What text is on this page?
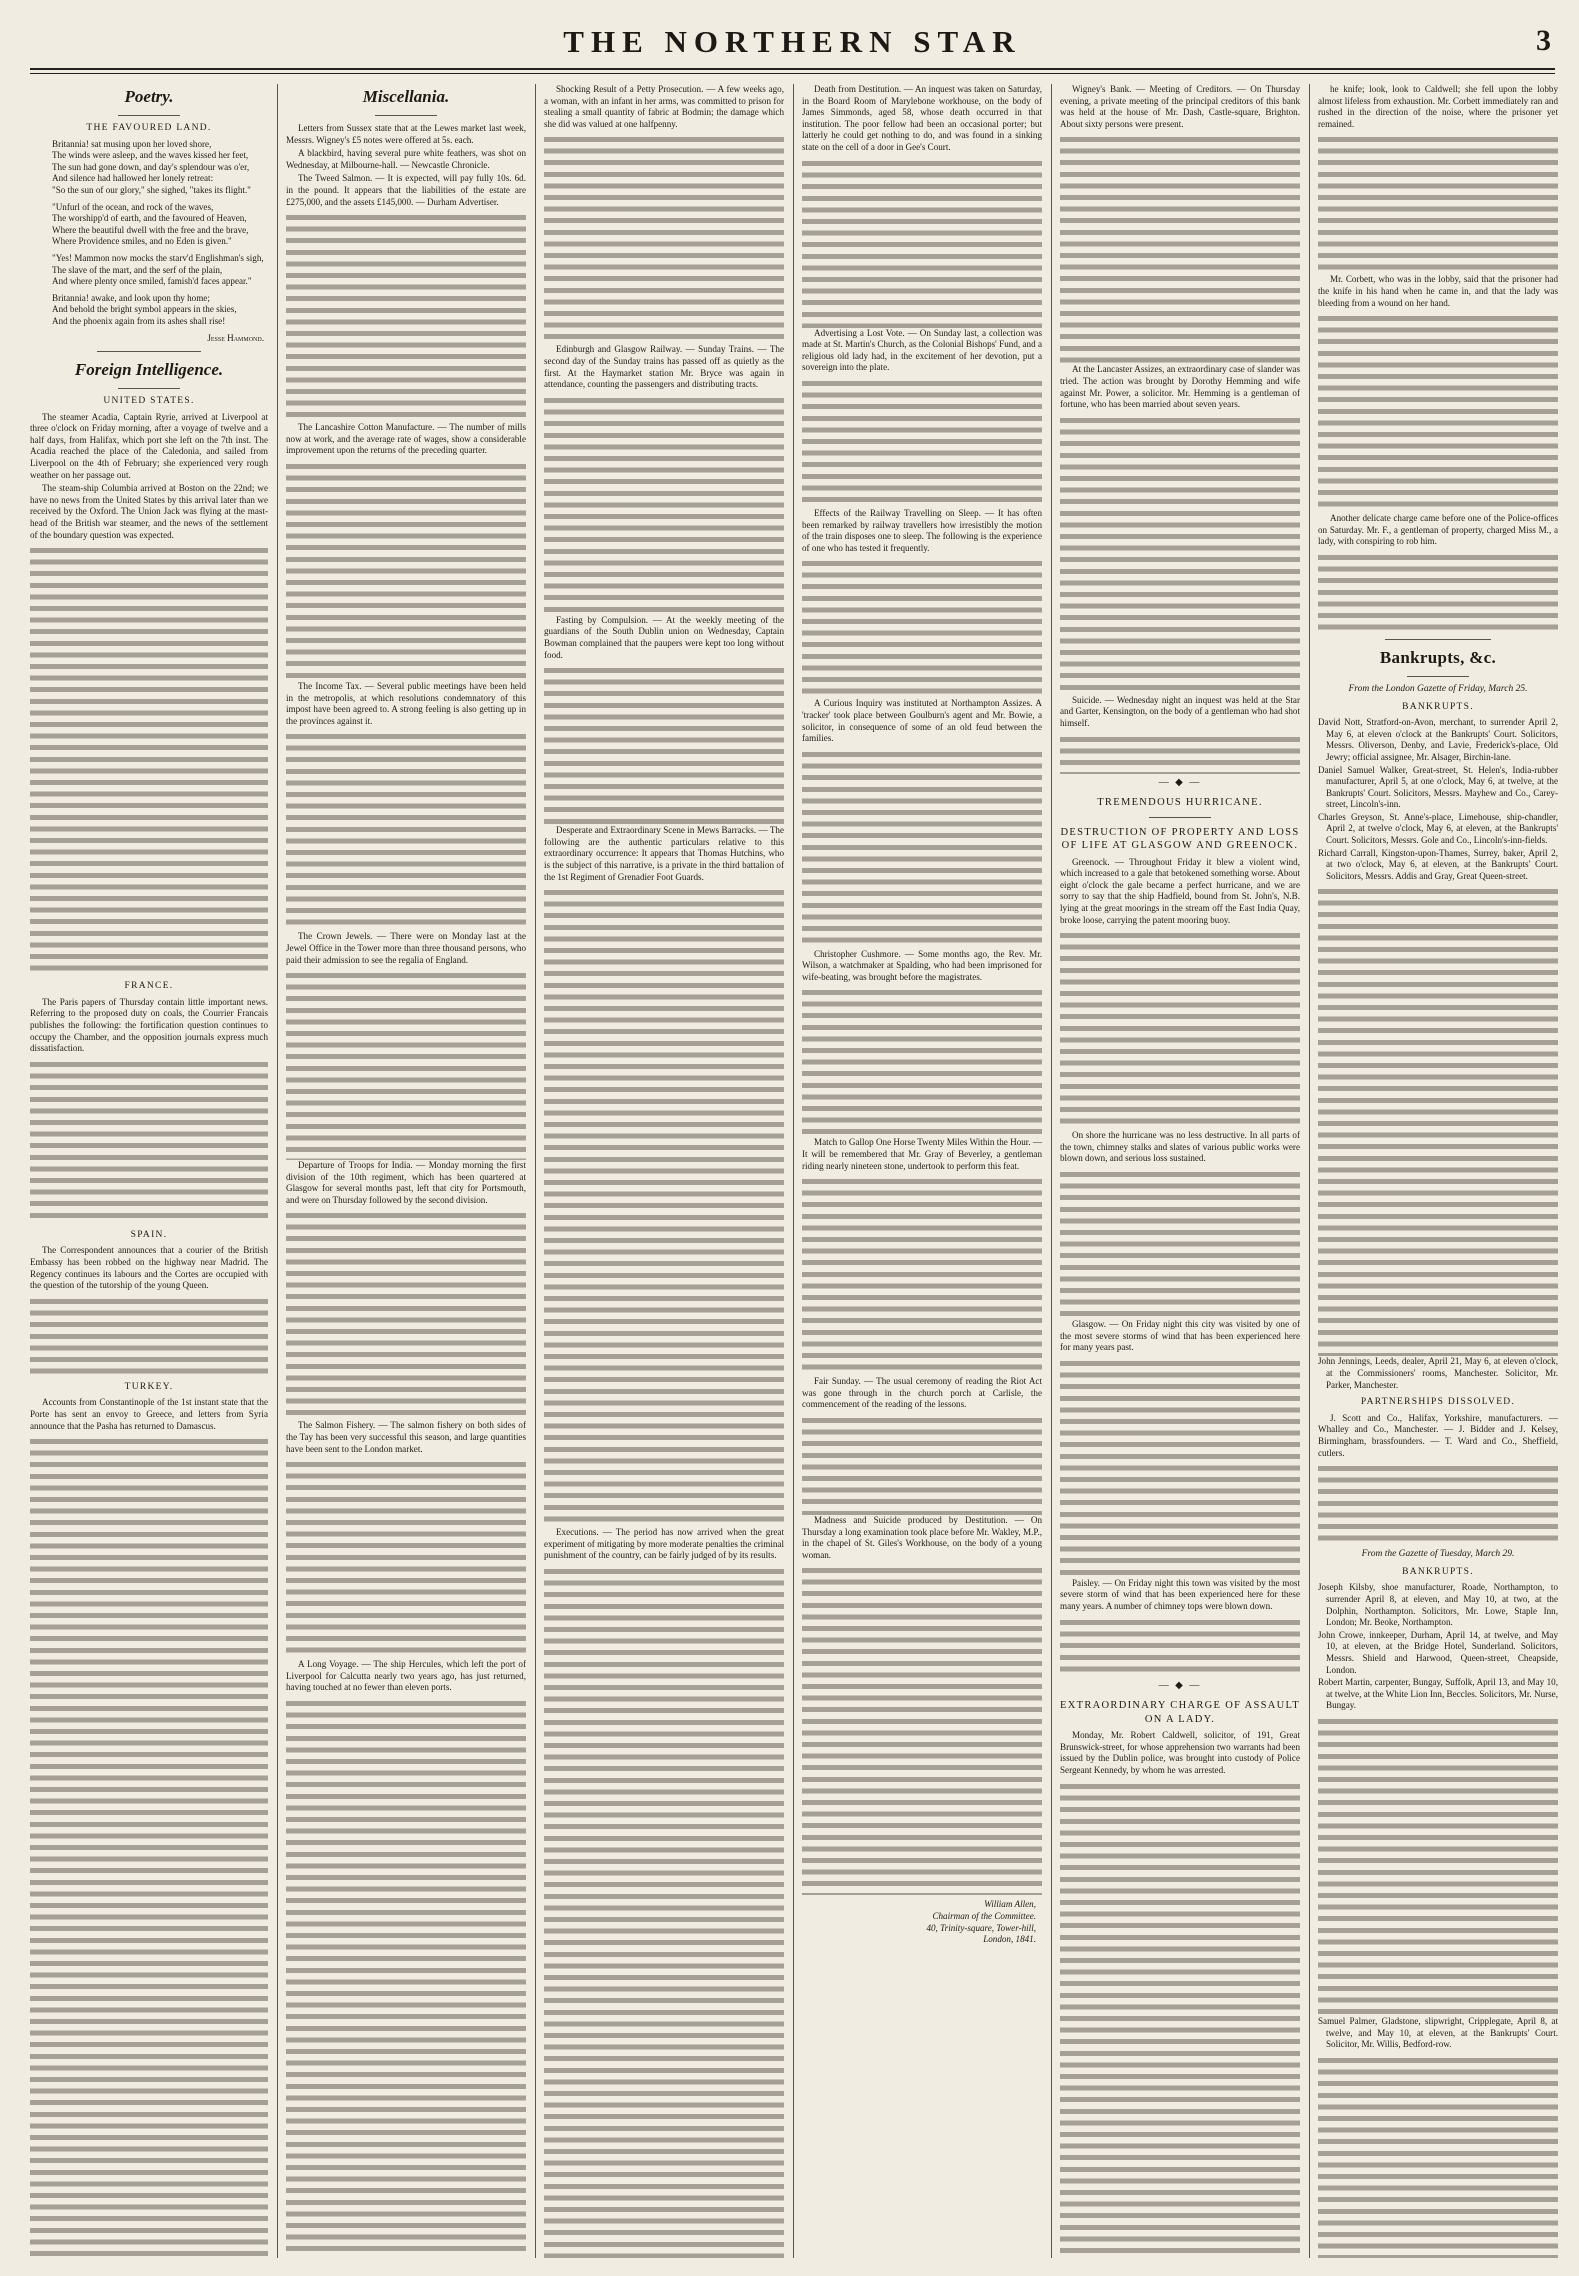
THE NORTHERN STAR	3
Poetry.
THE FAVOURED LAND.
Britannia! sat musing upon her loved shore,
The winds were asleep, and the waves kissed her feet,
The sun had gone down, and day's splendour was o'er,
And silence had hallowed her lonely retreat:
"So the sun of our glory," she sighed, "takes its flight."
"Unfurl of the ocean, and rock of the waves,
The worshipp'd of earth, and the favoured of Heaven,
Where the beautiful dwell with the free and the brave,
Where Providence smiles, and no Eden is given."
"Yes! Mammon now mocks the starv'd Englishman's sigh,
The slave of the mart, and the serf of the plain,
And where plenty once smiled, famish'd faces appear."
Britannia! awake, and look upon thy home;
And behold the bright symbol appears in the skies,
And the phoenix again from its ashes shall rise!
Jesse Hammond.
Foreign Intelligence.
UNITED STATES.
The steamer Acadia, Captain Ryrie, arrived at Liverpool at three o'clock on Friday morning, after a voyage of twelve and a half days, from Halifax, which port she left on the 7th inst. The Acadia reached the place of the Caledonia, and sailed from Liverpool on the 4th of February; she experienced very rough weather on her passage out.
The steam-ship Columbia arrived at Boston on the 22nd; we have no news from the United States by this arrival later than we received by the Oxford. The Union Jack was flying at the mast-head of the British war steamer, and the news of the settlement of the boundary question was expected.
FRANCE.
The Paris papers of Thursday contain little important news. Referring to the proposed duty on coals, the Courrier Francais publishes the following: the fortification question continues to occupy the Chamber, and the opposition journals express much dissatisfaction.
SPAIN.
The Correspondent announces that a courier of the British Embassy has been robbed on the highway near Madrid. The Regency continues its labours and the Cortes are occupied with the question of the tutorship of the young Queen.
TURKEY.
Accounts from Constantinople of the 1st instant state that the Porte has sent an envoy to Greece, and letters from Syria announce that the Pasha has returned to Damascus.
Miscellania.
Letters from Sussex state that at the Lewes market last week, Messrs. Wigney's £5 notes were offered at 5s. each.
A blackbird, having several pure white feathers, was shot on Wednesday, at Milbourne-hall. — Newcastle Chronicle.
The Tweed Salmon. — It is expected, will pay fully 10s. 6d. in the pound. It appears that the liabilities of the estate are £275,000, and the assets £145,000. — Durham Advertiser.
The Lancashire Cotton Manufacture. — The number of mills now at work, and the average rate of wages, show a considerable improvement upon the returns of the preceding quarter.
The Income Tax. — Several public meetings have been held in the metropolis, at which resolutions condemnatory of this impost have been agreed to. A strong feeling is also getting up in the provinces against it.
The Crown Jewels. — There were on Monday last at the Jewel Office in the Tower more than three thousand persons, who paid their admission to see the regalia of England.
Departure of Troops for India. — Monday morning the first division of the 10th regiment, which has been quartered at Glasgow for several months past, left that city for Portsmouth, and were on Thursday followed by the second division.
The Salmon Fishery. — The salmon fishery on both sides of the Tay has been very successful this season, and large quantities have been sent to the London market.
A Long Voyage. — The ship Hercules, which left the port of Liverpool for Calcutta nearly two years ago, has just returned, having touched at no fewer than eleven ports.
Shocking Result of a Petty Prosecution. — A few weeks ago, a woman, with an infant in her arms, was committed to prison for stealing a small quantity of fabric at Bodmin; the damage which she did was valued at one halfpenny.
Edinburgh and Glasgow Railway. — Sunday Trains. — The second day of the Sunday trains has passed off as quietly as the first. At the Haymarket station Mr. Bryce was again in attendance, counting the passengers and distributing tracts.
Fasting by Compulsion. — At the weekly meeting of the guardians of the South Dublin union on Wednesday, Captain Bowman complained that the paupers were kept too long without food.
Desperate and Extraordinary Scene in Mews Barracks. — The following are the authentic particulars relative to this extraordinary occurrence: It appears that Thomas Hutchins, who is the subject of this narrative, is a private in the third battalion of the 1st Regiment of Grenadier Foot Guards.
Executions. — The period has now arrived when the great experiment of mitigating by more moderate penalties the criminal punishment of the country, can be fairly judged of by its results.
Death from Destitution. — An inquest was taken on Saturday, in the Board Room of Marylebone workhouse, on the body of James Simmonds, aged 58, whose death occurred in that institution. The poor fellow had been an occasional porter; but latterly he could get nothing to do, and was found in a sinking state on the cell of a door in Gee's Court.
Advertising a Lost Vote. — On Sunday last, a collection was made at St. Martin's Church, as the Colonial Bishops' Fund, and a religious old lady had, in the excitement of her devotion, put a sovereign into the plate.
Effects of the Railway Travelling on Sleep. — It has often been remarked by railway travellers how irresistibly the motion of the train disposes one to sleep. The following is the experience of one who has tested it frequently.
A Curious Inquiry was instituted at Northampton Assizes. A 'tracker' took place between Goulburn's agent and Mr. Bowie, a solicitor, in consequence of some of an old feud between the families.
Christopher Cushmore. — Some months ago, the Rev. Mr. Wilson, a watchmaker at Spalding, who had been imprisoned for wife-beating, was brought before the magistrates.
Match to Gallop One Horse Twenty Miles Within the Hour. — It will be remembered that Mr. Gray of Beverley, a gentleman riding nearly nineteen stone, undertook to perform this feat.
Fair Sunday. — The usual ceremony of reading the Riot Act was gone through in the church porch at Carlisle, the commencement of the reading of the lessons.
Madness and Suicide produced by Destitution. — On Thursday a long examination took place before Mr. Wakley, M.P., in the chapel of St. Giles's Workhouse, on the body of a young woman.
William Allen,
Chairman of the Committee.
40, Trinity-square, Tower-hill,
London, 1841.
Wigney's Bank. — Meeting of Creditors. — On Thursday evening, a private meeting of the principal creditors of this bank was held at the house of Mr. Dash, Castle-square, Brighton. About sixty persons were present.
At the Lancaster Assizes, an extraordinary case of slander was tried. The action was brought by Dorothy Hemming and wife against Mr. Power, a solicitor. Mr. Hemming is a gentleman of fortune, who has been married about seven years.
Suicide. — Wednesday night an inquest was held at the Star and Garter, Kensington, on the body of a gentleman who had shot himself.
— ◆ —
TREMENDOUS HURRICANE.
DESTRUCTION OF PROPERTY AND LOSS OF LIFE AT GLASGOW AND GREENOCK.
Greenock. — Throughout Friday it blew a violent wind, which increased to a gale that betokened something worse. About eight o'clock the gale became a perfect hurricane, and we are sorry to say that the ship Hadfield, bound from St. John's, N.B. lying at the great moorings in the stream off the East India Quay, broke loose, carrying the patent mooring buoy.
On shore the hurricane was no less destructive. In all parts of the town, chimney stalks and slates of various public works were blown down, and serious loss sustained.
Glasgow. — On Friday night this city was visited by one of the most severe storms of wind that has been experienced here for many years past.
Paisley. — On Friday night this town was visited by the most severe storm of wind that has been experienced here for these many years. A number of chimney tops were blown down.
— ◆ —
EXTRAORDINARY CHARGE OF ASSAULT ON A LADY.
Monday, Mr. Robert Caldwell, solicitor, of 191, Great Brunswick-street, for whose apprehension two warrants had been issued by the Dublin police, was brought into custody of Police Sergeant Kennedy, by whom he was arrested.
he knife; look, look to Caldwell; she fell upon the lobby almost lifeless from exhaustion. Mr. Corbett immediately ran and rushed in the direction of the noise, where the prisoner yet remained.
Mr. Corbett, who was in the lobby, said that the prisoner had the knife in his hand when he came in, and that the lady was bleeding from a wound on her hand.
Another delicate charge came before one of the Police-offices on Saturday. Mr. F., a gentleman of property, charged Miss M., a lady, with conspiring to rob him.
Bankrupts, &c.
From the London Gazette of Friday, March 25.
BANKRUPTS.
David Nott, Stratford-on-Avon, merchant, to surrender April 2, May 6, at eleven o'clock at the Bankrupts' Court. Solicitors, Messrs. Oliverson, Denby, and Lavie, Frederick's-place, Old Jewry; official assignee, Mr. Alsager, Birchin-lane.
Daniel Samuel Walker, Great-street, St. Helen's, India-rubber manufacturer, April 5, at one o'clock, May 6, at twelve, at the Bankrupts' Court. Solicitors, Messrs. Mayhew and Co., Carey-street, Lincoln's-inn.
Charles Greyson, St. Anne's-place, Limehouse, ship-chandler, April 2, at twelve o'clock, May 6, at eleven, at the Bankrupts' Court. Solicitors, Messrs. Gole and Co., Lincoln's-inn-fields.
Richard Carrall, Kingston-upon-Thames, Surrey, baker, April 2, at two o'clock, May 6, at eleven, at the Bankrupts' Court. Solicitors, Messrs. Addis and Gray, Great Queen-street.
John Jennings, Leeds, dealer, April 21, May 6, at eleven o'clock, at the Commissioners' rooms, Manchester. Solicitor, Mr. Parker, Manchester.
PARTNERSHIPS DISSOLVED.
J. Scott and Co., Halifax, Yorkshire, manufacturers. — Whalley and Co., Manchester. — J. Bidder and J. Kelsey, Birmingham, brassfounders. — T. Ward and Co., Sheffield, cutlers.
From the Gazette of Tuesday, March 29.
BANKRUPTS.
Joseph Kilsby, shoe manufacturer, Roade, Northampton, to surrender April 8, at eleven, and May 10, at two, at the Dolphin, Northampton. Solicitors, Mr. Lowe, Staple Inn, London; Mr. Beoke, Northampton.
John Crowe, innkeeper, Durham, April 14, at twelve, and May 10, at eleven, at the Bridge Hotel, Sunderland. Solicitors, Messrs. Shield and Harwood, Queen-street, Cheapside, London.
Robert Martin, carpenter, Bungay, Suffolk, April 13, and May 10, at twelve, at the White Lion Inn, Beccles. Solicitors, Mr. Nurse, Bungay.
Samuel Palmer, Gladstone, slipwright, Cripplegate, April 8, at twelve, and May 10, at eleven, at the Bankrupts' Court. Solicitor, Mr. Willis, Bedford-row.
